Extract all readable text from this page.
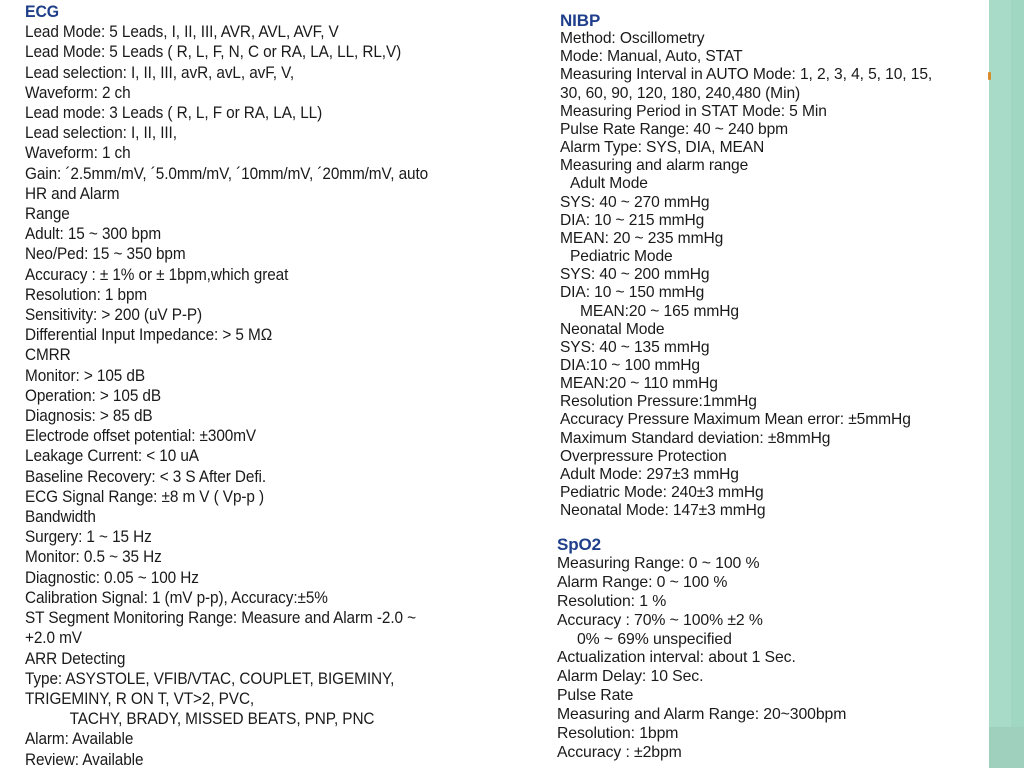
ECG
Lead Mode: 5 Leads, I, II, III, AVR, AVL, AVF, V
Lead Mode: 5 Leads ( R, L, F, N, C or RA, LA, LL, RL,V)
Lead selection: I, II, III, avR, avL, avF, V,
Waveform: 2 ch
Lead mode: 3 Leads ( R, L, F or RA, LA, LL)
Lead selection: I, II, III,
Waveform: 1 ch
Gain: ´2.5mm/mV, ´5.0mm/mV, ´10mm/mV, ´20mm/mV, auto
HR and Alarm
Range
Adult: 15 ~ 300 bpm
Neo/Ped: 15 ~ 350 bpm
Accuracy : ± 1% or ± 1bpm,which great
Resolution: 1 bpm
Sensitivity: > 200 (uV P-P)
Differential Input Impedance: > 5 MΩ
CMRR
Monitor: > 105 dB
Operation: > 105 dB
Diagnosis: > 85 dB
Electrode offset potential: ±300mV
Leakage Current: < 10 uA
Baseline Recovery: < 3 S After Defi.
ECG Signal Range: ±8 m V ( Vp-p )
Bandwidth
Surgery: 1 ~ 15 Hz
Monitor: 0.5 ~ 35 Hz
Diagnostic: 0.05 ~ 100 Hz
Calibration Signal: 1 (mV p-p), Accuracy:±5%
ST Segment Monitoring Range: Measure and Alarm -2.0 ~
+2.0 mV
ARR Detecting
Type: ASYSTOLE, VFIB/VTAC, COUPLET, BIGEMINY,
TRIGEMINY, R ON T, VT>2, PVC,
TACHY, BRADY, MISSED BEATS, PNP, PNC
Alarm: Available
Review: Available
NIBP
Method: Oscillometry
Mode: Manual, Auto, STAT
Measuring Interval in AUTO Mode: 1, 2, 3, 4, 5, 10, 15,
30, 60, 90, 120, 180, 240,480 (Min)
Measuring Period in STAT Mode: 5 Min
Pulse Rate Range: 40 ~ 240 bpm
Alarm Type: SYS, DIA, MEAN
Measuring and alarm range
Adult Mode
SYS: 40 ~ 270 mmHg
DIA: 10 ~ 215 mmHg
MEAN: 20 ~ 235 mmHg
Pediatric Mode
SYS: 40 ~ 200 mmHg
DIA: 10 ~ 150 mmHg
MEAN:20 ~ 165 mmHg
Neonatal Mode
SYS: 40 ~ 135 mmHg
DIA:10 ~ 100 mmHg
MEAN:20 ~ 110 mmHg
Resolution Pressure:1mmHg
Accuracy Pressure Maximum Mean error: ±5mmHg
Maximum Standard deviation: ±8mmHg
Overpressure Protection
Adult Mode: 297±3 mmHg
Pediatric Mode: 240±3 mmHg
Neonatal Mode: 147±3 mmHg
SpO2
Measuring Range: 0 ~ 100 %
Alarm Range: 0 ~ 100 %
Resolution: 1 %
Accuracy : 70% ~ 100% ±2 %
0% ~ 69% unspecified
Actualization interval: about 1 Sec.
Alarm Delay: 10 Sec.
Pulse Rate
Measuring and Alarm Range: 20~300bpm
Resolution: 1bpm
Accuracy : ±2bpm
